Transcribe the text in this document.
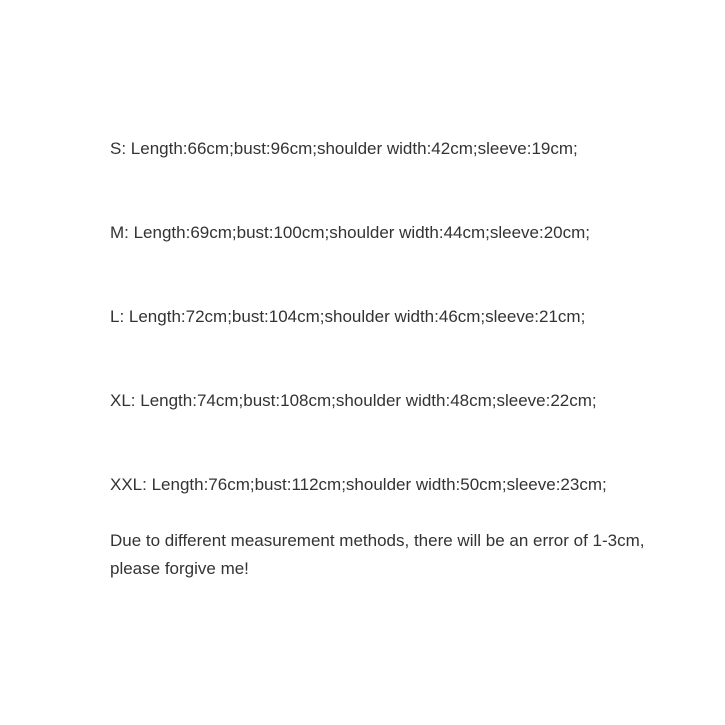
S: Length:66cm;bust:96cm;shoulder width:42cm;sleeve:19cm;

M: Length:69cm;bust:100cm;shoulder width:44cm;sleeve:20cm;

L: Length:72cm;bust:104cm;shoulder width:46cm;sleeve:21cm;

XL: Length:74cm;bust:108cm;shoulder width:48cm;sleeve:22cm;

XXL: Length:76cm;bust:112cm;shoulder width:50cm;sleeve:23cm;

Due to different measurement methods, there will be an error of 1-3cm, please forgive me!
